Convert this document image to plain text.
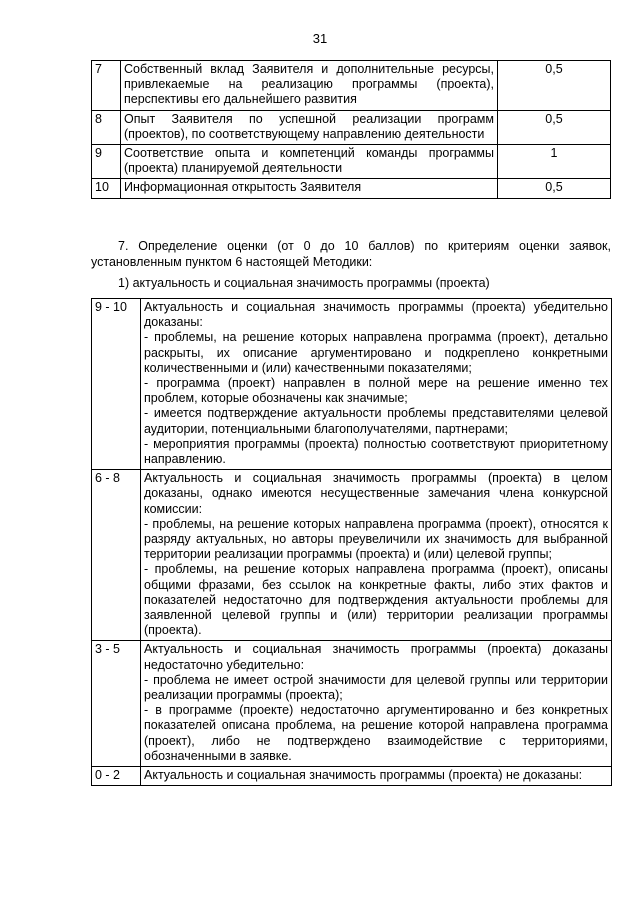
31
7	Собственный вклад Заявителя и дополнительные ресурсы, привлекаемые на реализацию программы (проекта), перспективы его дальнейшего развития	0,5
8	Опыт Заявителя по успешной реализации программ (проектов), по соответствующему направлению деятельности	0,5
9	Соответствие опыта и компетенций команды программы (проекта) планируемой деятельности	1
10	Информационная открытость Заявителя	0,5
7. Определение оценки (от 0 до 10 баллов) по критериям оценки заявок, установленным пунктом 6 настоящей Методики:
1) актуальность и социальная значимость программы (проекта)
9 - 10	Актуальность и социальная значимость программы (проекта) убедительно доказаны:
- проблемы, на решение которых направлена программа (проект), детально раскрыты, их описание аргументировано и подкреплено конкретными количественными и (или) качественными показателями;
- программа (проект) направлен в полной мере на решение именно тех проблем, которые обозначены как значимые;
- имеется подтверждение актуальности проблемы представителями целевой аудитории, потенциальными благополучателями, партнерами;
- мероприятия программы (проекта) полностью соответствуют приоритетному направлению.

6 - 8	Актуальность и социальная значимость программы (проекта) в целом доказаны, однако имеются несущественные замечания члена конкурсной комиссии:
- проблемы, на решение которых направлена программа (проект), относятся к разряду актуальных, но авторы преувеличили их значимость для выбранной территории реализации программы (проекта) и (или) целевой группы;
- проблемы, на решение которых направлена программа (проект), описаны общими фразами, без ссылок на конкретные факты, либо этих фактов и показателей недостаточно для подтверждения актуальности проблемы для заявленной целевой группы и (или) территории реализации программы (проекта).

3 - 5	Актуальность и социальная значимость программы (проекта) доказаны недостаточно убедительно:
- проблема не имеет острой значимости для целевой группы или территории реализации программы (проекта);
- в программе (проекте) недостаточно аргументированно и без конкретных показателей описана проблема, на решение которой направлена программа (проект), либо не подтверждено взаимодействие с территориями, обозначенными в заявке.

0 - 2	Актуальность и социальная значимость программы (проекта) не доказаны:
